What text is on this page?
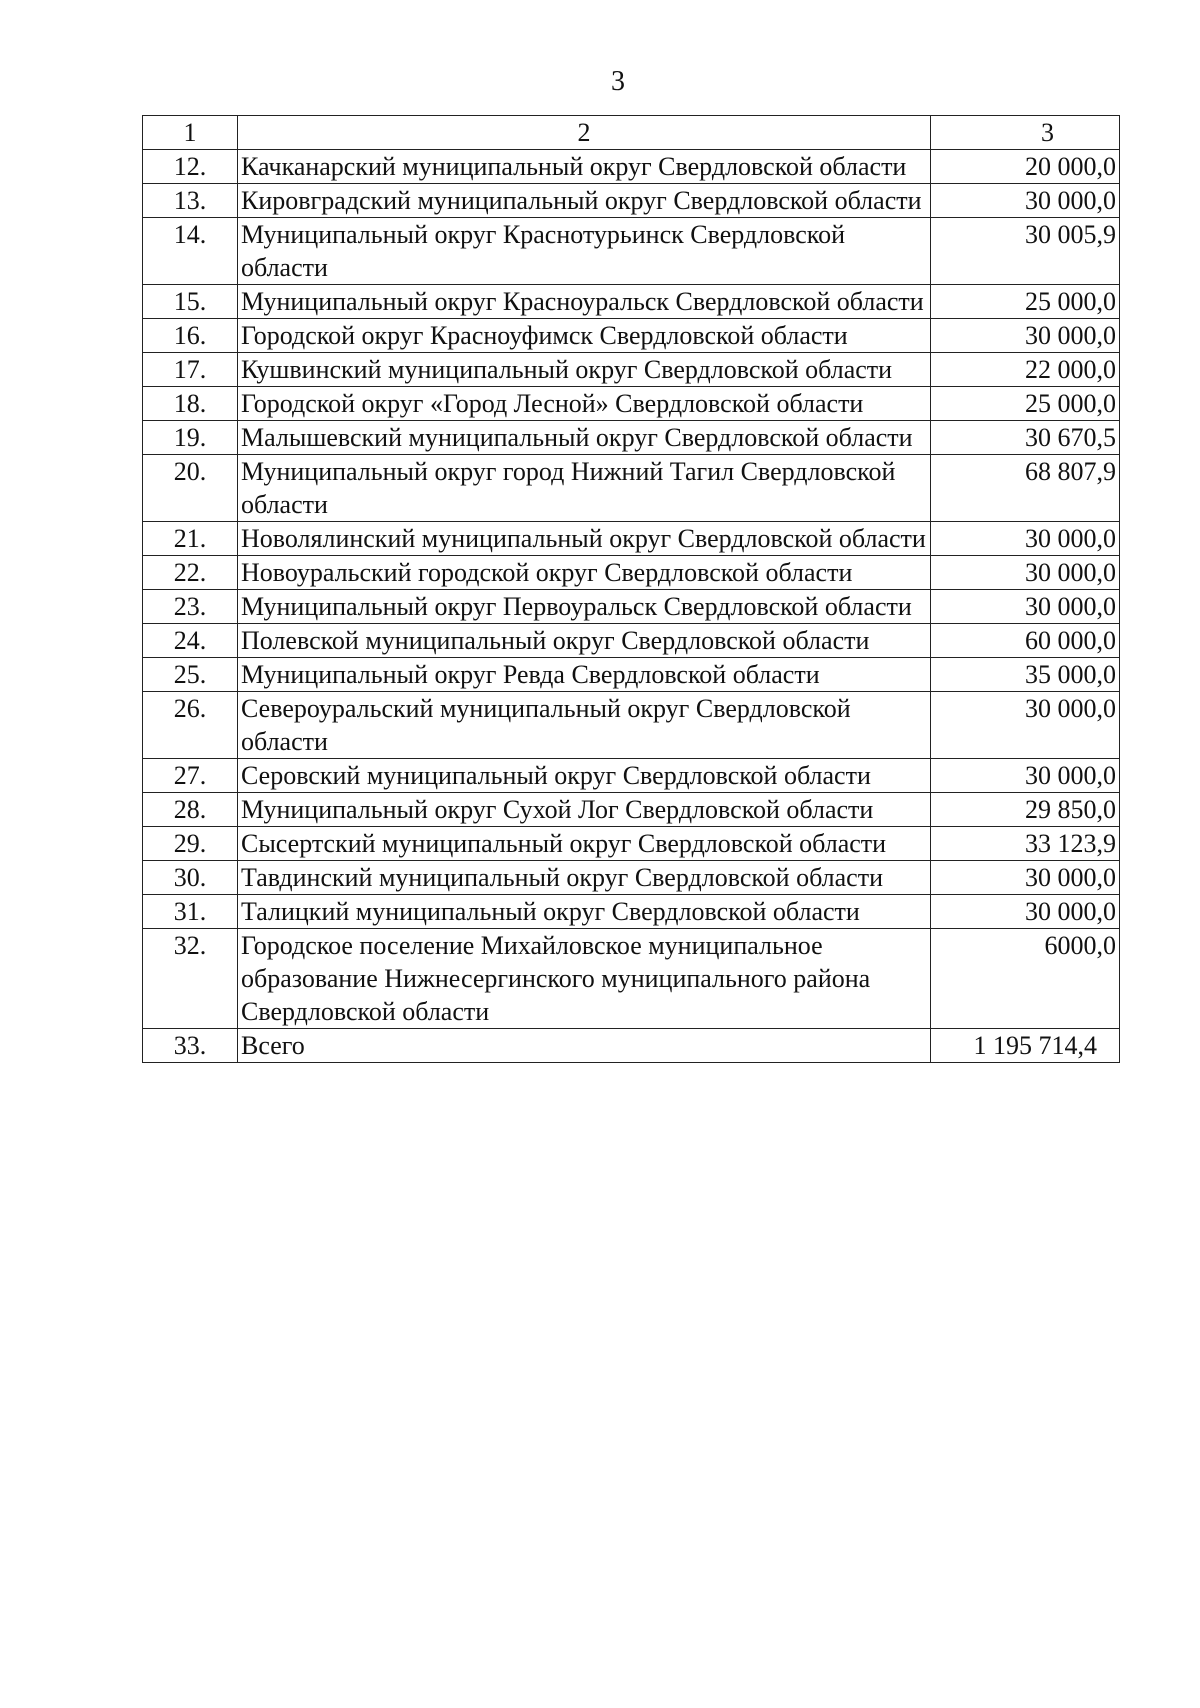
3
1	2	3
12.	Качканарский муниципальный округ Свердловской области	20 000,0
13.	Кировградский муниципальный округ Свердловской области	30 000,0
14.	Муниципальный округ Краснотурьинск Свердловской области	30 005,9
15.	Муниципальный округ Красноуральск Свердловской области	25 000,0
16.	Городской округ Красноуфимск Свердловской области	30 000,0
17.	Кушвинский муниципальный округ Свердловской области	22 000,0
18.	Городской округ «Город Лесной» Свердловской области	25 000,0
19.	Малышевский муниципальный округ Свердловской области	30 670,5
20.	Муниципальный округ город Нижний Тагил Свердловской области	68 807,9
21.	Новолялинский муниципальный округ Свердловской области	30 000,0
22.	Новоуральский городской округ Свердловской области	30 000,0
23.	Муниципальный округ Первоуральск Свердловской области	30 000,0
24.	Полевской муниципальный округ Свердловской области	60 000,0
25.	Муниципальный округ Ревда Свердловской области	35 000,0
26.	Североуральский муниципальный округ Свердловской области	30 000,0
27.	Серовский муниципальный округ Свердловской области	30 000,0
28.	Муниципальный округ Сухой Лог Свердловской области	29 850,0
29.	Сысертский муниципальный округ Свердловской области	33 123,9
30.	Тавдинский муниципальный округ Свердловской области	30 000,0
31.	Талицкий муниципальный округ Свердловской области	30 000,0
32.	Городское поселение Михайловское муниципальное образование Нижнесергинского муниципального района Свердловской области	6000,0
33.	Всего	1 195 714,4
